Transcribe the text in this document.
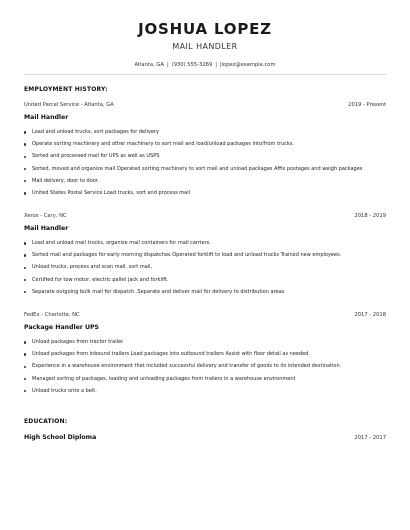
JOSHUA LOPEZ
MAIL HANDLER
Atlanta, GA | (930) 555-3269 | jlopez@example.com
EMPLOYMENT HISTORY:
United Parcel Service - Atlanta, GA	2019 - Present
Mail Handler
Load and unload trucks, sort packages for delivery
Operate sorting machinery and other machinery to sort mail and load/unload packages into/from trucks.
Sorted and processed mail for UPS as well as USPS
Sorted, moved and organize mail Operated sorting machinery to sort mail and unload packages Affix postages and weigh packages
Mail delivery, door to door.
United States Postal Service Load trucks, sort and process mail
Xerox - Cary, NC	2018 - 2019
Mail Handler
Load and unload mail trucks, organize mail containers for mail carriers.
Sorted mail and packages for early morning dispatches Operated forklift to load and unload trucks Trained new employees.
Unload trucks, process and scan mail, sort mail,
Certified for tow motor, electric pallet jack and forklift.
Separate outgoing bulk mail for dispatch .Separate and deliver mail for delivery to distribution areas
FedEx - Charlotte, NC	2017 - 2018
Package Handler UPS
Unload packages from tractor trailer.
Unload packages from inbound trailers Load packages into outbound trailers Assist with floor detail as needed
Experience in a warehouse environment that included successful delivery and transfer of goods to its intended destination.
Managed sorting of packages, loading and unloading packages from trailers in a warehouse environment
Unload trucks onto a belt.
EDUCATION:
High School Diploma	2017 - 2017
